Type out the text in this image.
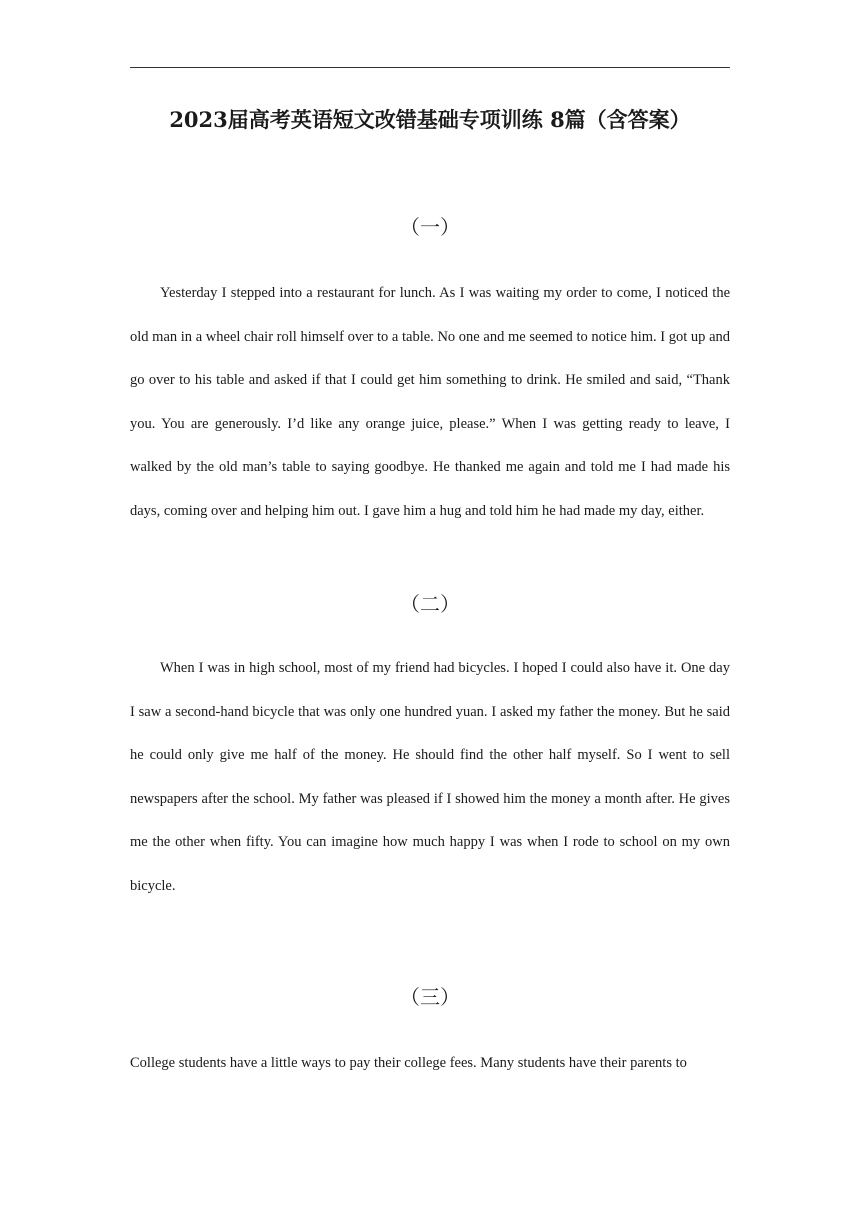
2023届高考英语短文改错基础专项训练 8篇（含答案）
（一）

Yesterday I stepped into a restaurant for lunch. As I was waiting my order to come, I noticed the old man in a wheel chair roll himself over to a table. No one and me seemed to notice him. I got up and go over to his table and asked if that I could get him something to drink. He smiled and said, “Thank you. You are generously. I’d like any orange juice, please.” When I was getting ready to leave, I walked by the old man’s table to saying goodbye. He thanked me again and told me I had made his days, coming over and helping him out. I gave him a hug and told him he had made my day, either.

（二）

When I was in high school, most of my friend had bicycles. I hoped I could also have it. One day I saw a second-hand bicycle that was only one hundred yuan. I asked my father the money. But he said he could only give me half of the money. He should find the other half myself. So I went to sell newspapers after the school. My father was pleased if I showed him the money a month after. He gives me the other when fifty. You can imagine how much happy I was when I rode to school on my own bicycle.

（三）

College students have a little ways to pay their college fees. Many students have their parents to
